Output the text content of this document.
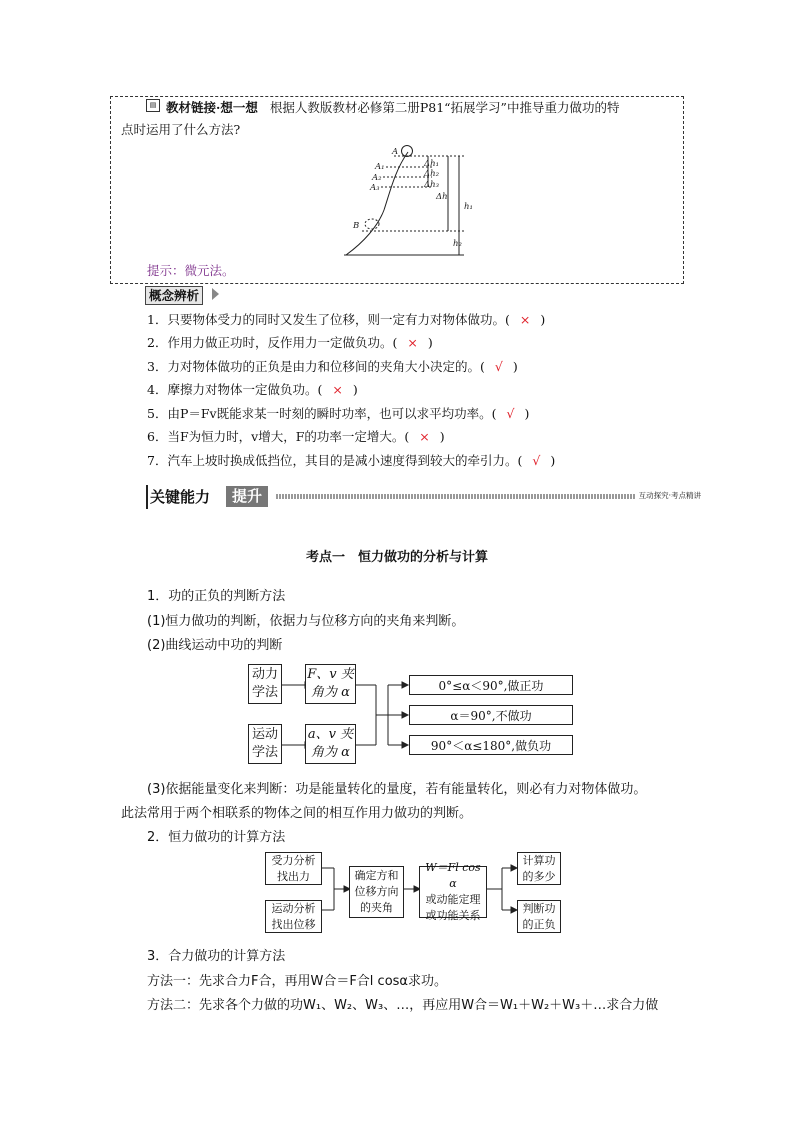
▤ 教材链接·想一想 根据人教版教材必修第二册P81“拓展学习”中推导重力做功的特
点时运用了什么方法?
A
A₁
A₂
A₃
B
Δh₁
Δh₂
Δh₃
Δh
h₁
h₂
提示：微元法。
概念辨析
1．只要物体受力的同时又发生了位移，则一定有力对物体做功。( × )
2．作用力做正功时，反作用力一定做负功。( × )
3．力对物体做功的正负是由力和位移间的夹角大小决定的。( √ )
4．摩擦力对物体一定做负功。( × )
5．由P＝Fv既能求某一时刻的瞬时功率，也可以求平均功率。( √ )
6．当F为恒力时，v增大，F的功率一定增大。( × )
7．汽车上坡时换成低挡位，其目的是减小速度得到较大的牵引力。( √ )
关键能力	提升	互动探究·考点精讲
考点一　恒力做功的分析与计算
1．功的正负的判断方法
(1)恒力做功的判断，依据力与位移方向的夹角来判断。
(2)曲线运动中功的判断
动力
学法
运动
学法
F、v 夹
角为 α
a、v 夹
角为 α
0°≤α＜90°,做正功
α＝90°,不做功
90°＜α≤180°,做负功
(3)依据能量变化来判断：功是能量转化的量度，若有能量转化，则必有力对物体做功。
此法常用于两个相联系的物体之间的相互作用力做功的判断。
2．恒力做功的计算方法
受力分析
找出力
运动分析
找出位移
确定方和
位移方向
的夹角
W＝Fl cos α
或动能定理
或功能关系
计算功
的多少
判断功
的正负
3．合力做功的计算方法
方法一：先求合力F合，再用W合＝F合l cosα求功。
方法二：先求各个力做的功W₁、W₂、W₃、…，再应用W合＝W₁＋W₂＋W₃＋…求合力做
